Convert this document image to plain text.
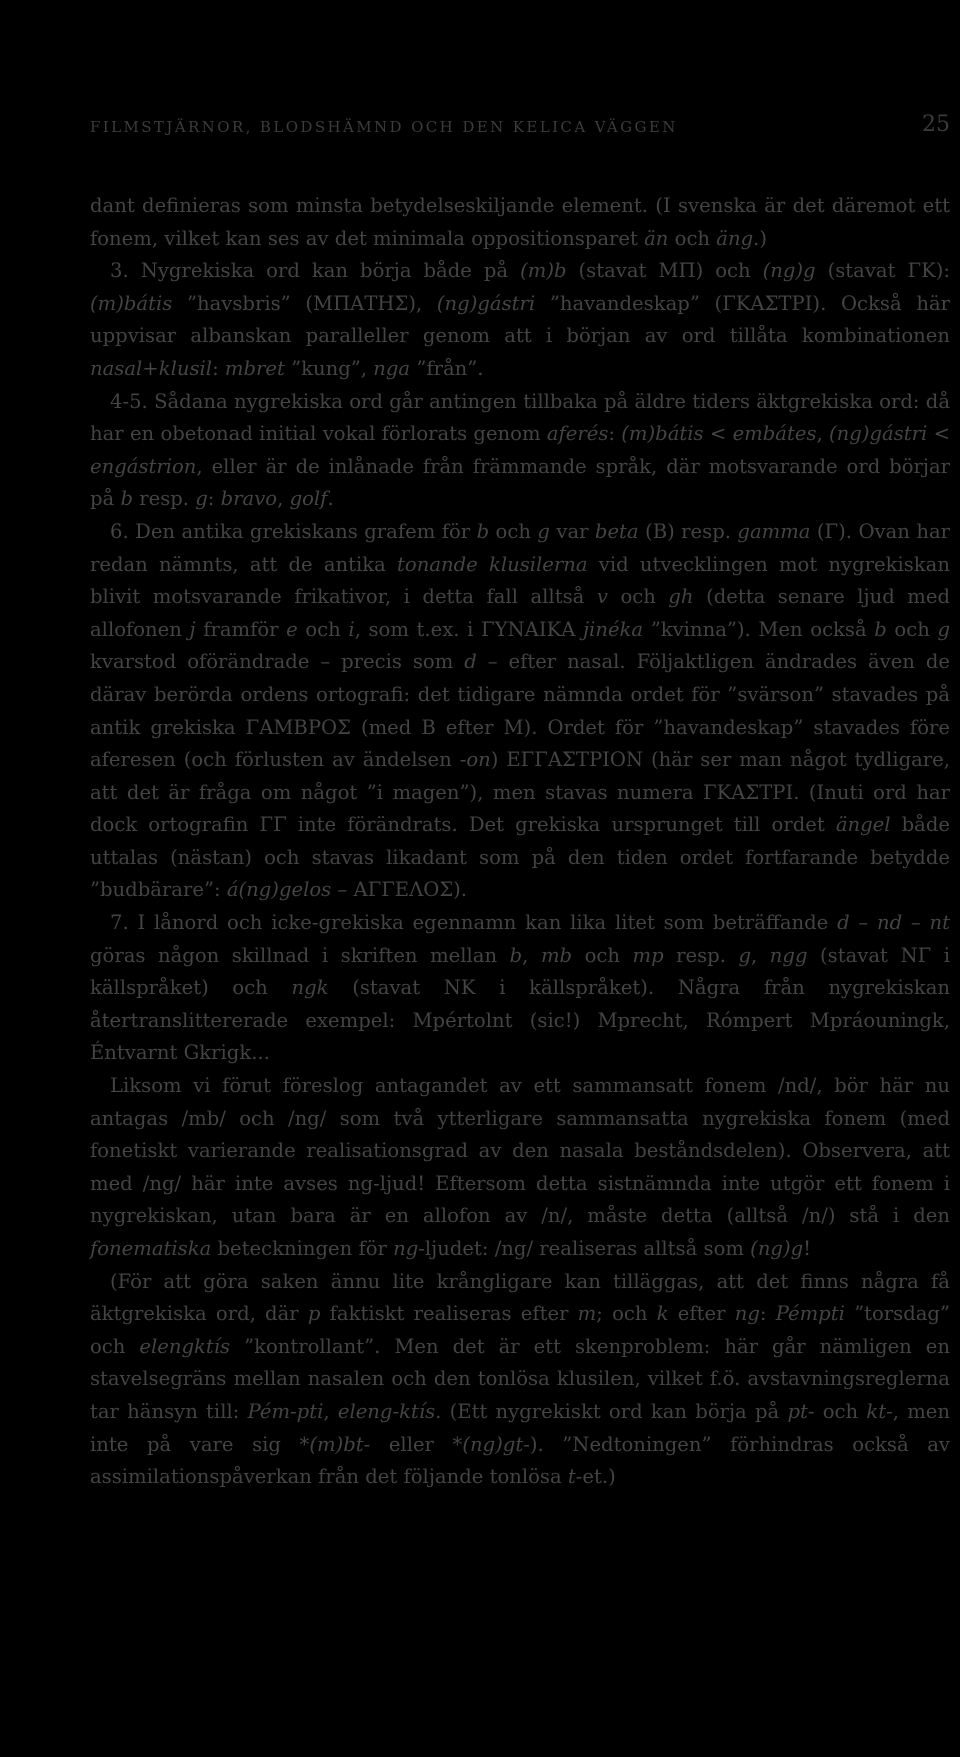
FILMSTJÄRNOR, BLODSHÄMND OCH DEN KELICA VÄGGEN	25

dant definieras som minsta betydelseskiljande element. (I svenska är det däremot ett fonem, vilket kan ses av det minimala oppositionsparet än och äng.)

3. Nygrekiska ord kan börja både på (m)b (stavat ΜΠ) och (ng)g (stavat ΓΚ): (m)bátis ”havsbris” (ΜΠΑΤΗΣ), (ng)gástri ”havandeskap” (ΓΚΑΣΤΡΙ). Också här uppvisar albanskan paralleller genom att i början av ord tillåta kombinationen nasal+klusil: mbret ”kung”, nga ”från”.

4-5. Sådana nygrekiska ord går antingen tillbaka på äldre tiders äktgrekiska ord: då har en obetonad initial vokal förlorats genom aferés: (m)bátis < embátes, (ng)gástri < engástrion, eller är de inlånade från främmande språk, där motsvarande ord börjar på b resp. g: bravo, golf.

6. Den antika grekiskans grafem för b och g var beta (Β) resp. gamma (Γ). Ovan har redan nämnts, att de antika tonande klusilerna vid utvecklingen mot nygrekiskan blivit motsvarande frikativor, i detta fall alltså v och gh (detta senare ljud med allofonen j framför e och i, som t.ex. i ΓΥΝΑΙΚΑ jinéka ”kvinna”). Men också b och g kvarstod oförändrade – precis som d – efter nasal. Följaktligen ändrades även de därav berörda ordens ortografi: det tidigare nämnda ordet för ”svärson” stavades på antik grekiska ΓΑΜΒΡΟΣ (med Β efter Μ). Ordet för ”havandeskap” stavades före aferesen (och förlusten av ändelsen -on) ΕΓΓΑΣΤΡΙΟΝ (här ser man något tydligare, att det är fråga om något ”i magen”), men stavas numera ΓΚΑΣΤΡΙ. (Inuti ord har dock ortografin ΓΓ inte förändrats. Det grekiska ursprunget till ordet ängel både uttalas (nästan) och stavas likadant som på den tiden ordet fortfarande betydde ”budbärare”: á(ng)gelos – ΑΓΓΕΛΟΣ).

7. I lånord och icke-grekiska egennamn kan lika litet som beträffande d – nd – nt göras någon skillnad i skriften mellan b, mb och mp resp. g, ngg (stavat ΝΓ i källspråket) och ngk (stavat ΝΚ i källspråket). Några från nygrekiskan återtranslittererade exempel: Mpértolnt (sic!) Mprecht, Rómpert Mpráouningk, Éntvarnt Gkrigk...

Liksom vi förut föreslog antagandet av ett sammansatt fonem /nd/, bör här nu antagas /mb/ och /ng/ som två ytterligare sammansatta nygrekiska fonem (med fonetiskt varierande realisationsgrad av den nasala beståndsdelen). Observera, att med /ng/ här inte avses ng-ljud! Eftersom detta sistnämnda inte utgör ett fonem i nygrekiskan, utan bara är en allofon av /n/, måste detta (alltså /n/) stå i den fonematiska beteckningen för ng-ljudet: /ng/ realiseras alltså som (ng)g!

(För att göra saken ännu lite krångligare kan tilläggas, att det finns några få äktgrekiska ord, där p faktiskt realiseras efter m; och k efter ng: Pémpti ”torsdag” och elengktís ”kontrollant”. Men det är ett skenproblem: här går nämligen en stavelsegräns mellan nasalen och den tonlösa klusilen, vilket f.ö. avstavningsreglerna tar hänsyn till: Pém-pti, eleng-ktís. (Ett nygrekiskt ord kan börja på pt- och kt-, men inte på vare sig *(m)bt- eller *(ng)gt-). ”Nedtoningen” förhindras också av assimilationspåverkan från det följande tonlösa t-et.)
